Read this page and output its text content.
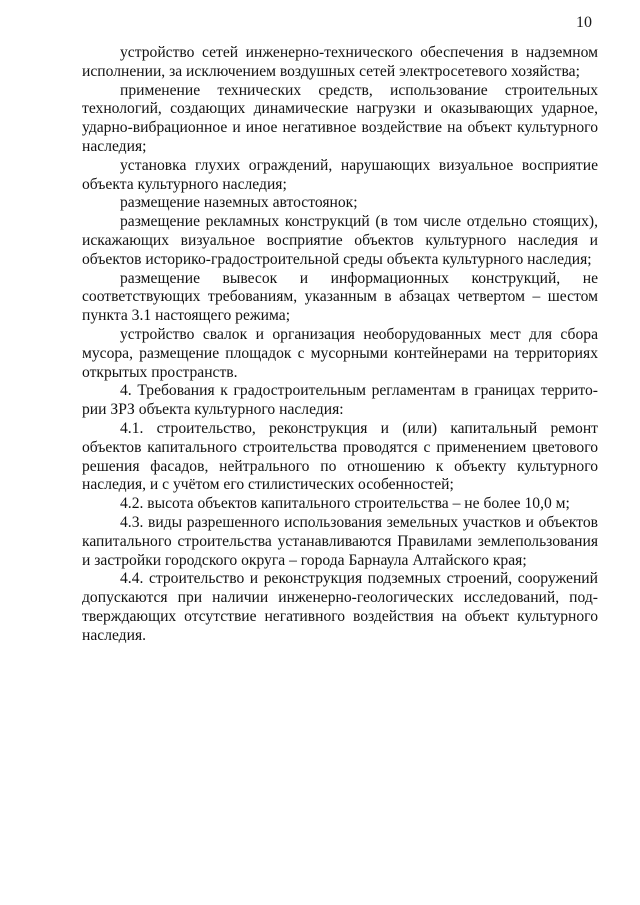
10

устройство сетей инженерно-технического обеспечения в надземном исполнении, за исключением воздушных сетей электросетевого хозяйства;

применение технических средств, использование строительных технологий, создающих динамические нагрузки и оказывающих ударное, ударно-вибрационное и иное негативное воздействие на объект культурного наследия;

установка глухих ограждений, нарушающих визуальное восприятие объекта культурного наследия;

размещение наземных автостоянок;

размещение рекламных конструкций (в том числе отдельно стоящих), искажающих визуальное восприятие объектов культурного наследия и объектов историко-градостроительной среды объекта культурного наследия;

размещение вывесок и информационных конструкций, не соответствующих требованиям, указанным в абзацах четвертом – шестом пункта 3.1 настоящего режима;

устройство свалок и организация необорудованных мест для сбора мусора, размещение площадок с мусорными контейнерами на территориях открытых пространств.

4. Требования к градостроительным регламентам в границах территории ЗРЗ объекта культурного наследия:

4.1. строительство, реконструкция и (или) капитальный ремонт объектов капитального строительства проводятся с применением цветового решения фасадов, нейтрального по отношению к объекту культурного наследия, и с учётом его стилистических особенностей;

4.2. высота объектов капитального строительства – не более 10,0 м;

4.3. виды разрешенного использования земельных участков и объектов капитального строительства устанавливаются Правилами землепользования и застройки городского округа – города Барнаула Алтайского края;

4.4. строительство и реконструкция подземных строений, сооружений допускаются при наличии инженерно-геологических исследований, подтверждающих отсутствие негативного воздействия на объект культурного наследия.
